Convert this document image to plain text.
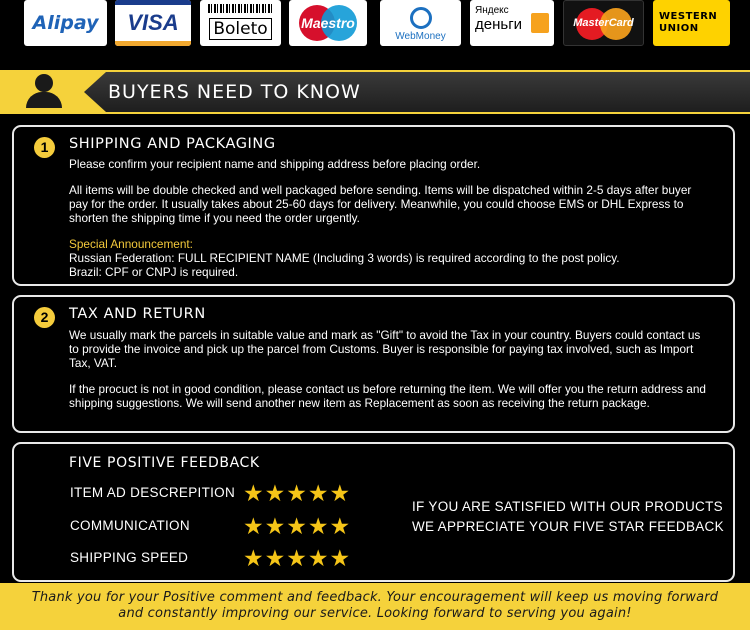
Alipay VISA Boleto Maestro
WebMoney
Яндекс
деньги	MasterCard
WESTERN
UNION
BUYERS NEED TO KNOW
1	SHIPPING AND PACKAGING
Please confirm your recipient name and shipping address before placing order.
All items will be double checked and well packaged before sending. Items will be dispatched within 2-5 days after buyer pay for the order. It usually takes about 25-60 days for delivery. Meanwhile, you could choose EMS or DHL Express to shorten the shipping time if you need the order urgently.
Special Announcement:
Russian Federation: FULL RECIPIENT NAME (Including 3 words) is required according to the post policy.
Brazil: CPF or CNPJ is required.
2	TAX AND RETURN
We usually mark the parcels in suitable value and mark as "Gift" to avoid the Tax in your country. Buyers could contact us to provide the invoice and pick up the parcel from Customs. Buyer is responsible for paying tax involved, such as Import Tax, VAT.
If the procuct is not in good condition, please contact us before returning the item. We will offer you the return address and shipping suggestions. We will send another new item as Replacement as soon as receiving the return package.
FIVE POSITIVE FEEDBACK
ITEM AD DESCREPITION ★★★★★
COMMUNICATION ★★★★★
SHIPPING SPEED ★★★★★
IF YOU ARE SATISFIED WITH OUR PRODUCTS
WE APPRECIATE YOUR FIVE STAR FEEDBACK
Thank you for your Positive comment and feedback. Your encouragement will keep us moving forward
and constantly improving our service. Looking forward to serving you again!
